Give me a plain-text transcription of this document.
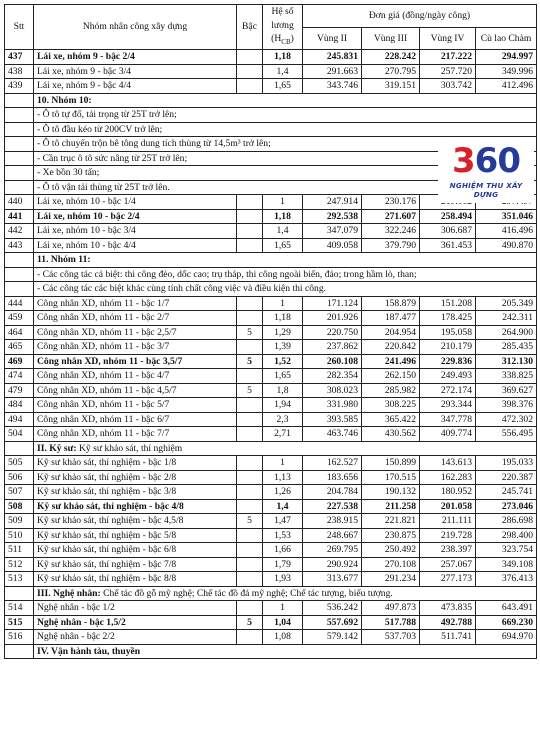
Stt	Nhóm nhân công xây dựng	Bậc	Hệ số
lương
$(H_{CB})$	Đơn giá (đồng/ngày công)			
				Vùng II	Vùng III	Vùng IV	Cù lao Chàm
437	Lái xe, nhóm 9 - bậc 2/4		1,18	245.831	228.242	217.222	294.997
438	Lái xe, nhóm 9 - bậc 3/4		1,4	291.663	270.795	257.720	349.996
439	Lái xe, nhóm 9 - bậc 4/4		1,65	343.746	319.151	303.742	412.496
	10. Nhóm 10:						
	- Ô tô tự đổ, tải trọng từ 25T trở lên;						
	- Ô tô đầu kéo từ 200CV trở lên;						
	- Ô tô chuyển trộn bê tông dung tích thùng từ 14,5m³ trở lên;						
	- Cần trục ô tô sức nâng từ 25T trở lên;						
	- Xe bồn 30 tấn;						
	- Ô tô vận tải thùng từ 25T trở lên.						
440	Lái xe, nhóm 10 - bậc 1/4		1	247.914	230.176		
441	Lái xe, nhóm 10 - bậc 2/4		1,18	292.538	271.607	258.494	351.046
442	Lái xe, nhóm 10 - bậc 3/4		1,4	347.079	322.246	306.687	416.496
443	Lái xe, nhóm 10 - bậc 4/4		1,65	409.058	379.790	361.453	490.870
	11. Nhóm 11:						
	- Các công tác cá biệt: thi công đèo, dốc cao; trụ tháp, thi công ngoài biển, đảo; trong hầm lò, than;						
	- Các công tác các biệt khác cùng tính chất công việc và điều kiện thi công.						
444	Công nhân XD, nhóm 11 - bậc 1/7		1	171.124	158.879	151.208	205.349
459	Công nhân XD, nhóm 11 - bậc 2/7		1,18	201.926	187.477	178.425	242.311
464	Công nhân XD, nhóm 11 - bậc 2,5/7	5	1,29	220.750	204.954	195.058	264.900
465	Công nhân XD, nhóm 11 - bậc 3/7		1,39	237.862	220.842	210.179	285.435
469	Công nhân XD, nhóm 11 - bậc 3,5/7	5	1,52	260.108	241.496	229.836	312.130
474	Công nhân XD, nhóm 11 - bậc 4/7		1,65	282.354	262.150	249.493	338.825
479	Công nhân XD, nhóm 11 - bậc 4,5/7	5	1,8	308.023	285.982	272.174	369.627
484	Công nhân XD, nhóm 11 - bậc 5/7		1,94	331.980	308.225	293.344	398.376
494	Công nhân XD, nhóm 11 - bậc 6/7		2,3	393.585	365.422	347.778	472.302
504	Công nhân XD, nhóm 11 - bậc 7/7		2,71	463.746	430.562	409.774	556.495
	II. Kỹ sư: Kỹ sư khảo sát, thí nghiệm						
505	Kỹ sư khảo sát, thí nghiệm - bậc 1/8		1	162.527	150.899	143.613	195.033
506	Kỹ sư khảo sát, thí nghiệm - bậc 2/8		1,13	183.656	170.515	162.283	220.387
507	Kỹ sư khảo sát, thí nghiệm - bậc 3/8		1,26	204.784	190.132	180.952	245.741
508	Kỹ sư khảo sát, thí nghiệm - bậc 4/8		1,4	227.538	211.258	201.058	273.046
509	Kỹ sư khảo sát, thí nghiệm - bậc 4,5/8	5	1,47	238.915	221.821	211.111	286.698
510	Kỹ sư khảo sát, thí nghiệm - bậc 5/8		1,53	248.667	230.875	219.728	298.400
511	Kỹ sư khảo sát, thí nghiệm - bậc 6/8		1,66	269.795	250.492	238.397	323.754
512	Kỹ sư khảo sát, thí nghiệm - bậc 7/8		1,79	290.924	270.108	257.067	349.108
513	Kỹ sư khảo sát, thí nghiệm - bậc 8/8		1,93	313.677	291.234	277.173	376.413
	III. Nghệ nhân: Chế tác đồ gỗ mỹ nghệ; Chế tác đồ đá mỹ nghệ; Chế tác tượng, biểu tượng.						
514	Nghệ nhân - bậc 1/2		1	536.242	497.873	473.835	643.491
515	Nghệ nhân - bậc 1,5/2	5	1,04	557.692	517.788	492.788	669.230
516	Nghệ nhân - bậc 2/2		1,08	579.142	537.703	511.741	694.970
	IV. Vận hành tàu, thuyền						
360
NGHIỆM THU XÂY DỰNG
